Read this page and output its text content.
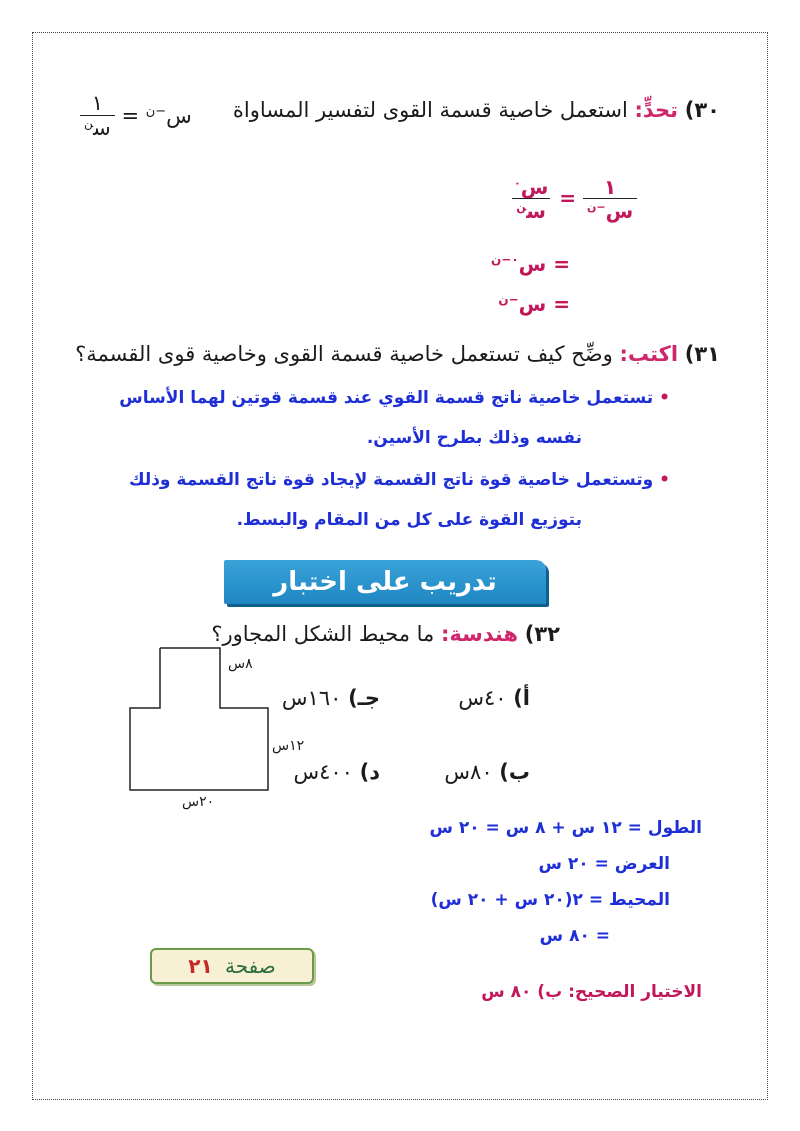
٣٠) تحدٍّ: استعمل خاصية قسمة القوى لتفسير المساواة
$\frac{١}{س^ن}$ = س$^{-ن}$
$\frac{س^٠}{س^ن} = \frac{١}{س^{-ن}}$
= س$^{٠-ن}$
= س$^{-ن}$
٣١) اكتب: وضِّح كيف تستعمل خاصية قسمة القوى وخاصية قوى القسمة؟
• تستعمل خاصية ناتج قسمة القوي عند قسمة قوتين لهما الأساس
نفسه وذلك بطرح الأسين.
• وتستعمل خاصية قوة ناتج القسمة لإيجاد قوة ناتج القسمة وذلك
بتوزيع القوة على كل من المقام والبسط.
تدريب على اختبار
٣٢) هندسة: ما محيط الشكل المجاور؟
أ) ٤٠س
جـ) ١٦٠س
ب) ٨٠س
د) ٤٠٠س
٨س
١٢س
٢٠س
الطول = ١٢ س + ٨ س = ٢٠ س
العرض = ٢٠ س
المحيط = ٢(٢٠ س + ٢٠ س)
= ٨٠ س
الاختيار الصحيح: ب) ٨٠ س
صفحة ٢١
